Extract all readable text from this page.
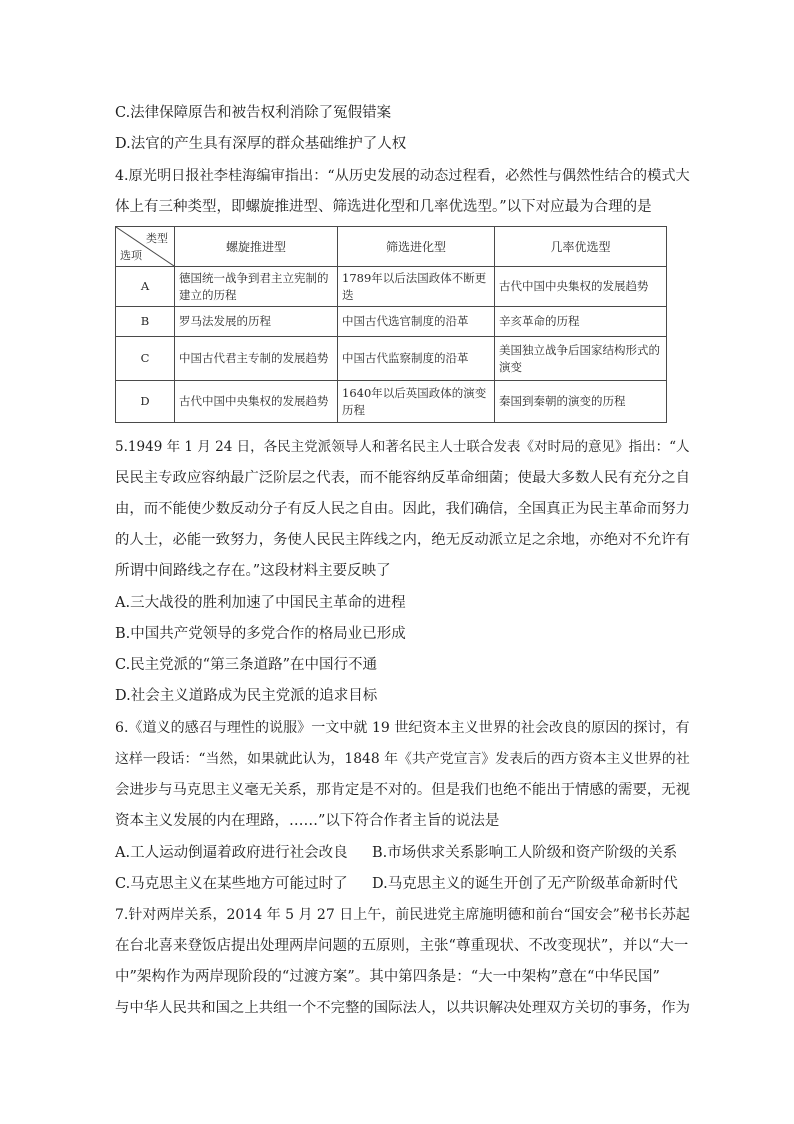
C.法律保障原告和被告权利消除了冤假错案
D.法官的产生具有深厚的群众基础维护了人权
4.原光明日报社李桂海编审指出：“从历史发展的动态过程看，必然性与偶然性结合的模式大
体上有三种类型，即螺旋推进型、筛选进化型和几率优选型。”以下对应最为合理的是
类型
选项	螺旋推进型	筛选进化型	几率优选型
A	德国统一战争到君主立宪制的建立的历程	1789年以后法国政体不断更迭	古代中国中央集权的发展趋势
B	罗马法发展的历程	中国古代选官制度的沿革	辛亥革命的历程
C	中国古代君主专制的发展趋势	中国古代监察制度的沿革	美国独立战争后国家结构形式的演变
D	古代中国中央集权的发展趋势	1640年以后英国政体的演变历程	秦国到秦朝的演变的历程
5.1949 年 1 月 24 日，各民主党派领导人和著名民主人士联合发表《对时局的意见》指出：“人
民民主专政应容纳最广泛阶层之代表，而不能容纳反革命细菌；使最大多数人民有充分之自
由，而不能使少数反动分子有反人民之自由。因此，我们确信，全国真正为民主革命而努力
的人士，必能一致努力，务使人民民主阵线之内，绝无反动派立足之余地，亦绝对不允许有
所谓中间路线之存在。”这段材料主要反映了
A.三大战役的胜利加速了中国民主革命的进程
B.中国共产党领导的多党合作的格局业已形成
C.民主党派的“第三条道路”在中国行不通
D.社会主义道路成为民主党派的追求目标
6.《道义的感召与理性的说服》一文中就 19 世纪资本主义世界的社会改良的原因的探讨，有
这样一段话：“当然，如果就此认为，1848 年《共产党宣言》发表后的西方资本主义世界的社
会进步与马克思主义毫无关系，那肯定是不对的。但是我们也绝不能出于情感的需要，无视
资本主义发展的内在理路，……”以下符合作者主旨的说法是
A.工人运动倒逼着政府进行社会改良 B.市场供求关系影响工人阶级和资产阶级的关系
C.马克思主义在某些地方可能过时了 D.马克思主义的诞生开创了无产阶级革命新时代
7.针对两岸关系，2014 年 5 月 27 日上午，前民进党主席施明德和前台“国安会”秘书长苏起
在台北喜来登饭店提出处理两岸问题的五原则，主张“尊重现状、不改变现状”，并以“大一
中”架构作为两岸现阶段的“过渡方案”。其中第四条是：“大一中架构”意在“中华民国”
与中华人民共和国之上共组一个不完整的国际法人，以共识解决处理双方关切的事务，作为
